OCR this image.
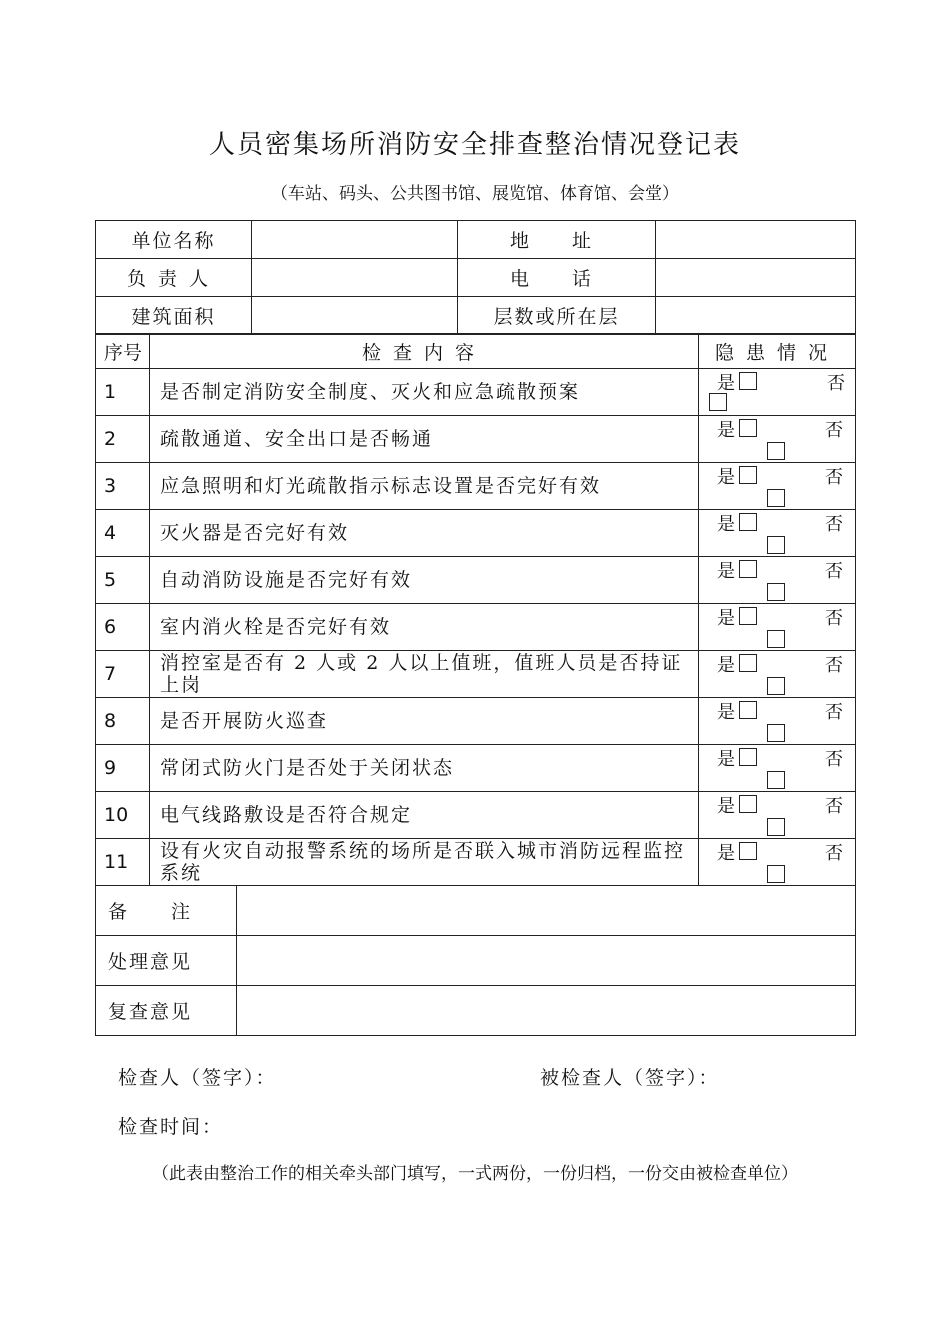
人员密集场所消防安全排查整治情况登记表
（车站、码头、公共图书馆、展览馆、体育馆、会堂）
单位名称		地　址	
负责人		电　话	
建筑面积		层数或所在层	
序号	检查内容	隐患情况
1	是否制定消防安全制度、灭火和应急疏散预案	是 否

2	疏散通道、安全出口是否畅通	是 否

3	应急照明和灯光疏散指示标志设置是否完好有效	是 否

4	灭火器是否完好有效	是 否

5	自动消防设施是否完好有效	是 否

6	室内消火栓是否完好有效	是 否

7	消控室是否有 2 人或 2 人以上值班，值班人员是否持证上岗	是 否

8	是否开展防火巡查	是 否

9	常闭式防火门是否处于关闭状态	是 否

10	电气线路敷设是否符合规定	是 否

11	设有火灾自动报警系统的场所是否联入城市消防远程监控系统	是 否
备　　注	
处理意见	
复查意见	
检查人（签字）：	被检查人（签字）：
检查时间：
（此表由整治工作的相关牵头部门填写，一式两份，一份归档，一份交由被检查单位）
